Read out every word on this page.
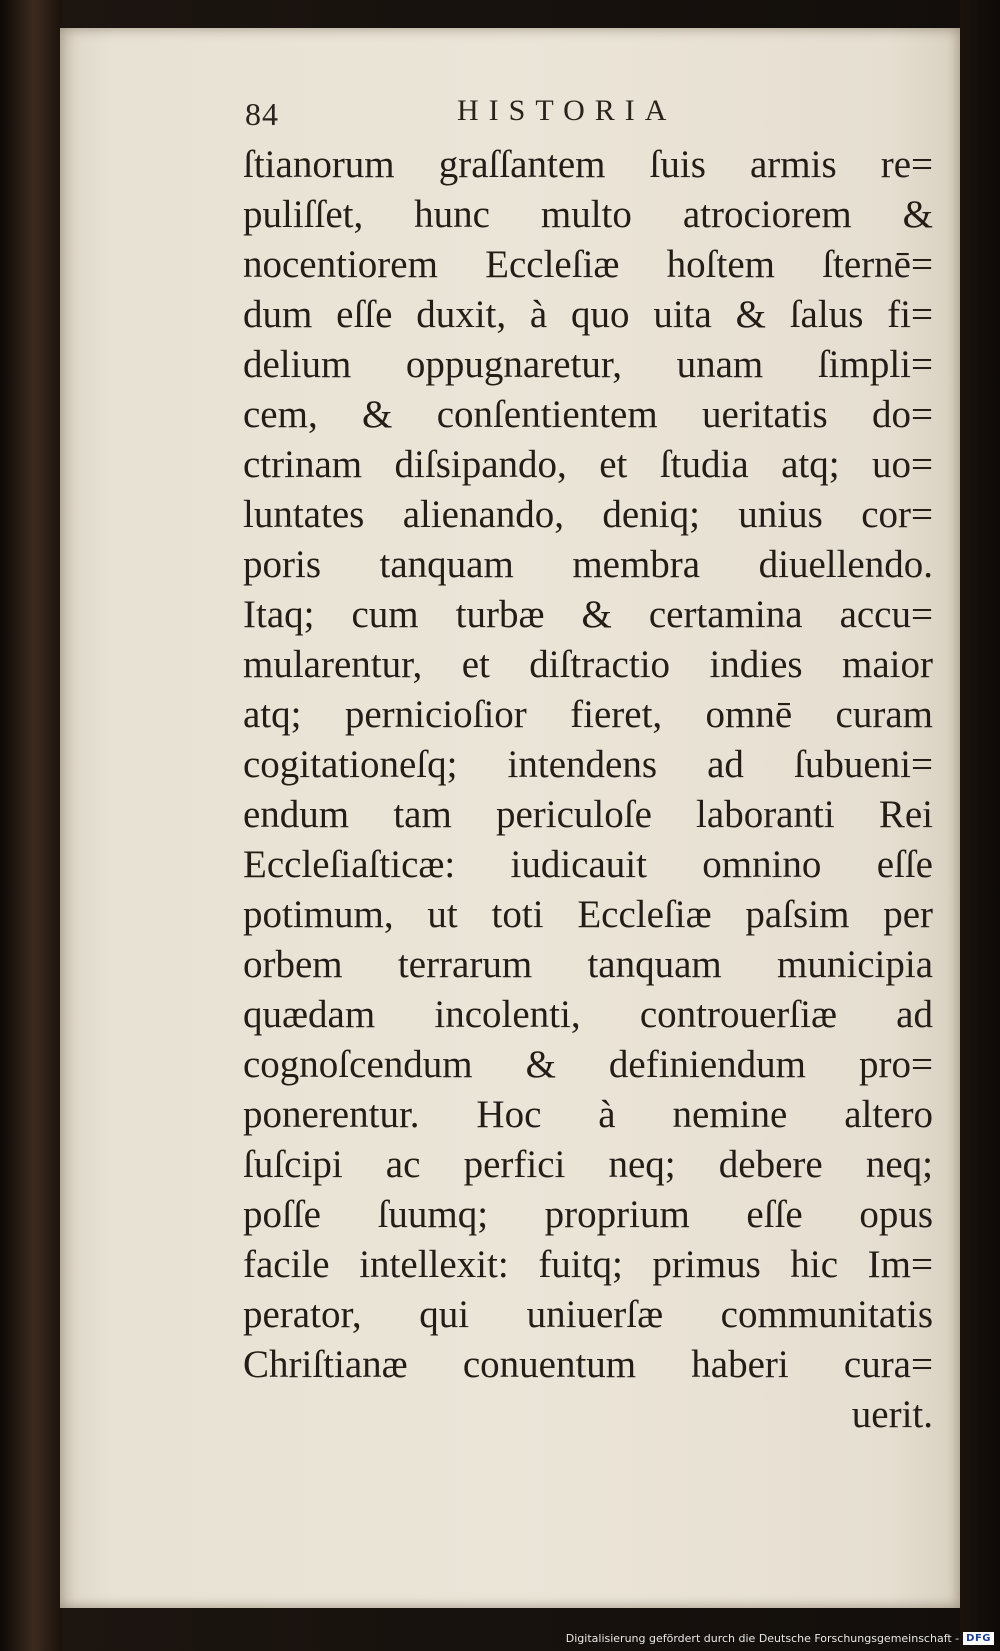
84	HISTORIA
ſtianorum graſſantem ſuis armis re=
puliſſet, hunc multo atrociorem &
nocentiorem Eccleſiæ hoſtem ſternē=
dum eſſe duxit, à quo uita & ſalus fi=
delium oppugnaretur, unam ſimpli=
cem, & conſentientem ueritatis do=
ctrinam diſsipando, et ſtudia atq; uo=
luntates alienando, deniq; unius cor=
poris tanquam membra diuellendo.
Itaq; cum turbæ & certamina accu=
mularentur, et diſtractio indies maior
atq; pernicioſior fieret, omnē curam
cogitationeſq; intendens ad ſubueni=
endum tam periculoſe laboranti Rei
Eccleſiaſticæ: iudicauit omnino eſſe
potimum, ut toti Eccleſiæ paſsim per
orbem terrarum tanquam municipia
quædam incolenti, controuerſiæ ad
cognoſcendum & definiendum pro=
ponerentur. Hoc à nemine altero
ſuſcipi ac perfici neq; debere neq;
poſſe ſuumq; proprium eſſe opus
facile intellexit: fuitq; primus hic Im=
perator, qui uniuerſæ communitatis
Chriſtianæ conuentum haberi cura=
uerit.
Digitalisierung gefördert durch die Deutsche Forschungsgemeinschaft - DFG
